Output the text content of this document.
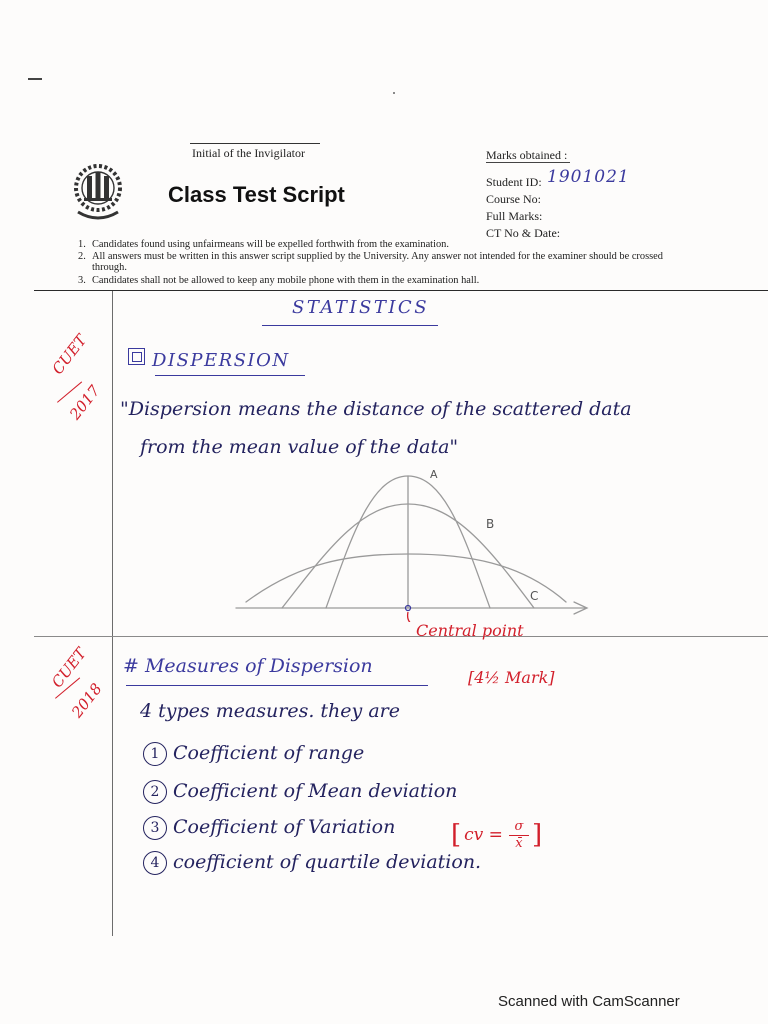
Initial of the Invigilator	Marks obtained :
Class Test Script	Student ID: 1901021
Course No:
Full Marks:
CT No & Date:
1. Candidates found using unfairmeans will be expelled forthwith from the examination.
2. All answers must be written in this answer script supplied by the University. Any answer not intended for the examiner should be crossed through.
3. Candidates shall not be allowed to keep any mobile phone with them in the examination hall.
STATISTICS
DISPERSION
CUET
2017 "Dispersion means the distance of the scattered data
from the mean value of the data"
A
B
C
Central point
CUET
2018
# Measures of Dispersion
[4½ Mark]
4 types measures. they are
1 Coefficient of range
2 Coefficient of Mean deviation
3 Coefficient of Variation
4 coefficient of quartile deviation.
[ cv = $\frac{\sigma}{x̄}$ ]
Scanned with CamScanner
